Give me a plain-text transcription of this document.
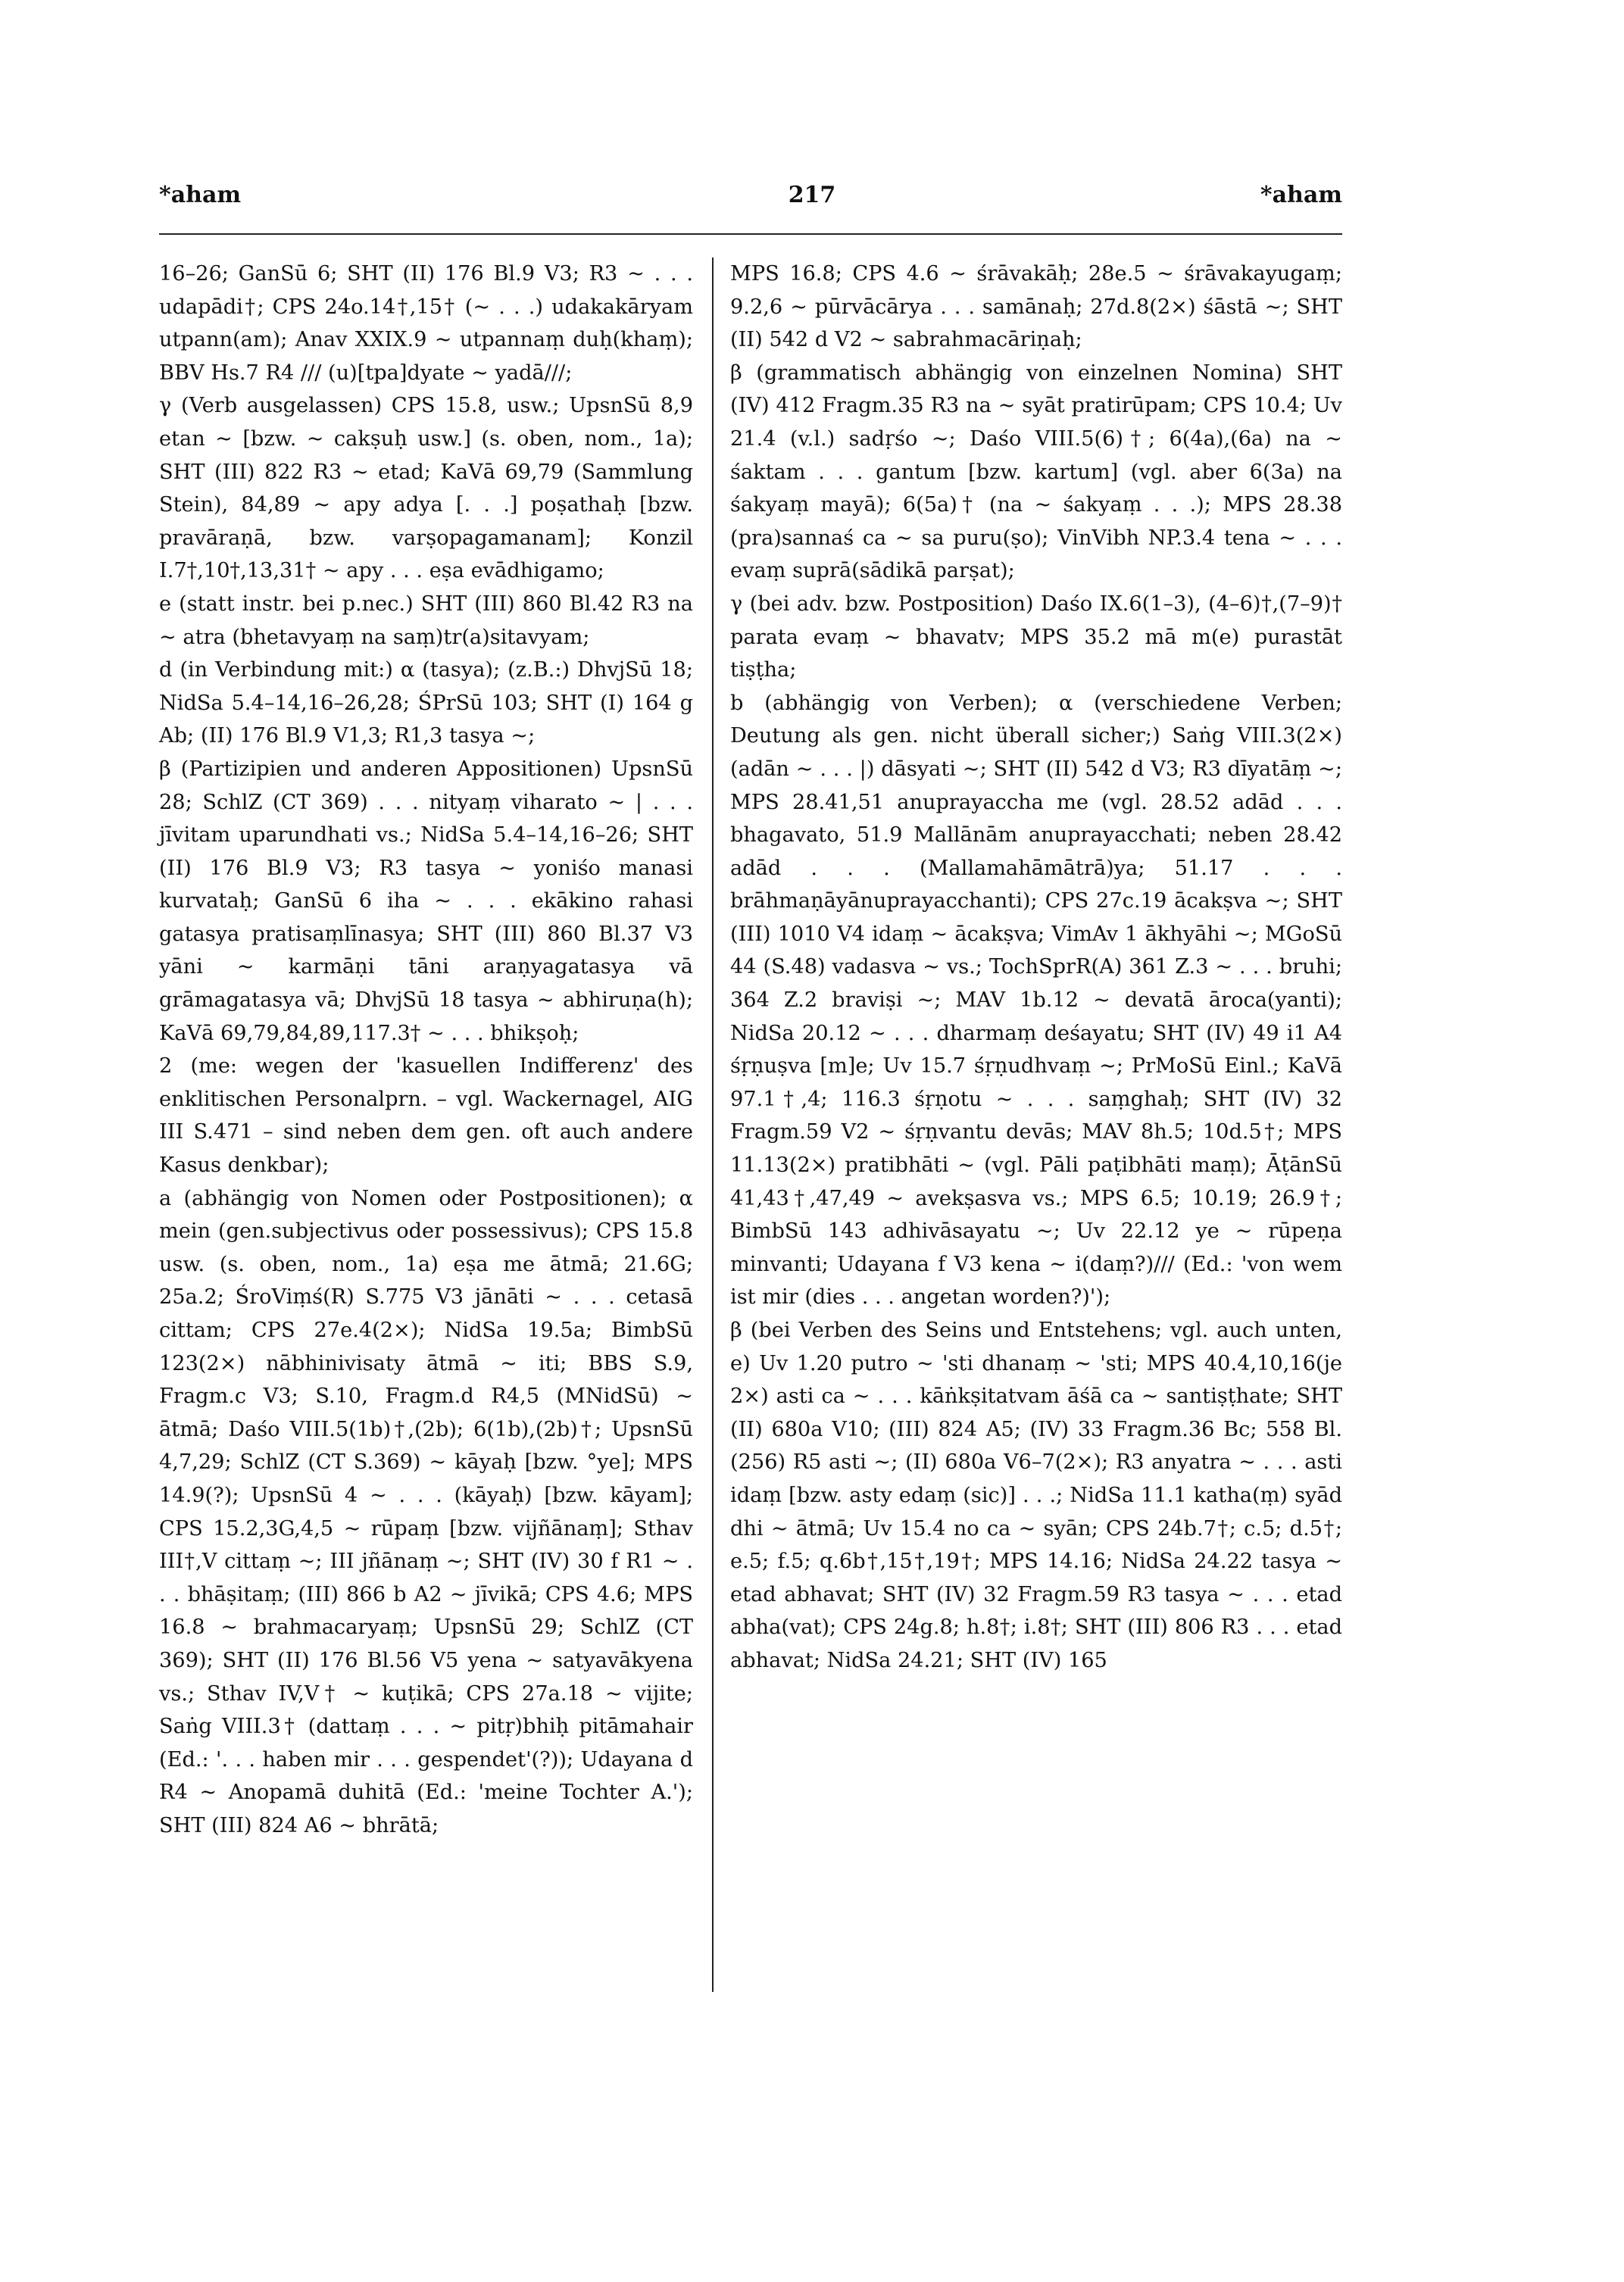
*aham	217	*aham

16–26; GanSū 6; SHT (II) 176 Bl.9 V3; R3 ∼ . . . udapādi†; CPS 24o.14†,15† (∼ . . .) udakakāryam utpann(am); Anav XXIX.9 ∼ utpannaṃ duḥ(khaṃ); BBV Hs.7 R4 /// (u)[tpa]dyate ∼ yadā///;

γ (Verb ausgelassen) CPS 15.8, usw.; UpsnSū 8,9 etan ∼ [bzw. ∼ cakṣuḥ usw.] (s. oben, nom., 1a); SHT (III) 822 R3 ∼ etad; KaVā 69,79 (Sammlung Stein), 84,89 ∼ apy adya [. . .] poṣathaḥ [bzw. pravāraṇā, bzw. varṣopagamanam]; Konzil I.7†,10†,13,31† ∼ apy . . . eṣa evādhigamo;

e (statt instr. bei p.nec.) SHT (III) 860 Bl.42 R3 na ∼ atra (bhetavyaṃ na saṃ)tr(a)sitavyam;

d (in Verbindung mit:) α (tasya); (z.B.:) DhvjSū 18; NidSa 5.4–14,16–26,28; ŚPrSū 103; SHT (I) 164 g Ab; (II) 176 Bl.9 V1,3; R1,3 tasya ∼;

β (Partizipien und anderen Appositionen) UpsnSū 28; SchlZ (CT 369) . . . nityaṃ viharato ∼ | . . . jīvitam uparundhati vs.; NidSa 5.4–14,16–26; SHT (II) 176 Bl.9 V3; R3 tasya ∼ yoniśo manasi kurvataḥ; GanSū 6 iha ∼ . . . ekākino rahasi gatasya pratisaṃlīnasya; SHT (III) 860 Bl.37 V3 yāni ∼ karmāṇi tāni araṇyagatasya vā grāmagatasya vā; DhvjSū 18 tasya ∼ abhiruṇa(h); KaVā 69,79,84,89,117.3† ∼ . . . bhikṣoḥ;

2 (me: wegen der 'kasuellen Indifferenz' des enklitischen Personalprn. – vgl. Wackernagel, AIG III S.471 – sind neben dem gen. oft auch andere Kasus denkbar);

a (abhängig von Nomen oder Postpositionen); α mein (gen.subjectivus oder possessivus); CPS 15.8 usw. (s. oben, nom., 1a) eṣa me ātmā; 21.6G; 25a.2; ŚroViṃś(R) S.775 V3 jānāti ∼ . . . cetasā cittam; CPS 27e.4(2×); NidSa 19.5a; BimbSū 123(2×) nābhinivisaty ātmā ∼ iti; BBS S.9, Fragm.c V3; S.10, Fragm.d R4,5 (MNidSū) ∼ ātmā; Daśo VIII.5(1b)†,(2b); 6(1b),(2b)†; UpsnSū 4,7,29; SchlZ (CT S.369) ∼ kāyaḥ [bzw. °ye]; MPS 14.9(?); UpsnSū 4 ∼ . . . (kāyaḥ) [bzw. kāyam]; CPS 15.2,3G,4,5 ∼ rūpaṃ [bzw. vijñānaṃ]; Sthav III†,V cittaṃ ∼; III jñānaṃ ∼; SHT (IV) 30 f R1 ∼ . . . bhāṣitaṃ; (III) 866 b A2 ∼ jīvikā; CPS 4.6; MPS 16.8 ∼ brahmacaryaṃ; UpsnSū 29; SchlZ (CT 369); SHT (II) 176 Bl.56 V5 yena ∼ satyavākyena vs.; Sthav IV,V† ∼ kuṭikā; CPS 27a.18 ∼ vijite; Saṅg VIII.3† (dattaṃ . . . ∼ pitṛ)bhiḥ pitāmahair (Ed.: '. . . haben mir . . . gespendet'(?)); Udayana d R4 ∼ Anopamā duhitā (Ed.: 'meine Tochter A.'); SHT (III) 824 A6 ∼ bhrātā;

MPS 16.8; CPS 4.6 ∼ śrāvakāḥ; 28e.5 ∼ śrāvakayugaṃ; 9.2,6 ∼ pūrvācārya . . . samānaḥ; 27d.8(2×) śāstā ∼; SHT (II) 542 d V2 ∼ sabrahmacāriṇaḥ;

β (grammatisch abhängig von einzelnen Nomina) SHT (IV) 412 Fragm.35 R3 na ∼ syāt pratirūpam; CPS 10.4; Uv 21.4 (v.l.) sadṛśo ∼; Daśo VIII.5(6)†; 6(4a),(6a) na ∼ śaktam . . . gantum [bzw. kartum] (vgl. aber 6(3a) na śakyaṃ mayā); 6(5a)† (na ∼ śakyaṃ . . .); MPS 28.38 (pra)sannaś ca ∼ sa puru(ṣo); VinVibh NP.3.4 tena ∼ . . . evaṃ suprā(sādikā parṣat);

γ (bei adv. bzw. Postposition) Daśo IX.6(1–3), (4–6)†,(7–9)† parata evaṃ ∼ bhavatv; MPS 35.2 mā m(e) purastāt tiṣṭha;

b (abhängig von Verben); α (verschiedene Verben; Deutung als gen. nicht überall sicher;) Saṅg VIII.3(2×) (adān ∼ . . . |) dāsyati ∼; SHT (II) 542 d V3; R3 dīyatāṃ ∼; MPS 28.41,51 anuprayaccha me (vgl. 28.52 adād . . . bhagavato, 51.9 Mallānām anuprayacchati; neben 28.42 adād . . . (Mallamahāmātrā)ya; 51.17 . . . brāhmaṇāyānuprayacchanti); CPS 27c.19 ācakṣva ∼; SHT (III) 1010 V4 idaṃ ∼ ācakṣva; VimAv 1 ākhyāhi ∼; MGoSū 44 (S.48) vadasva ∼ vs.; TochSprR(A) 361 Z.3 ∼ . . . bruhi; 364 Z.2 braviṣi ∼; MAV 1b.12 ∼ devatā āroca(yanti); NidSa 20.12 ∼ . . . dharmaṃ deśayatu; SHT (IV) 49 i1 A4 śṛṇuṣva [m]e; Uv 15.7 śṛṇudhvaṃ ∼; PrMoSū Einl.; KaVā 97.1†,4; 116.3 śṛṇotu ∼ . . . saṃghaḥ; SHT (IV) 32 Fragm.59 V2 ∼ śṛṇvantu devās; MAV 8h.5; 10d.5†; MPS 11.13(2×) pratibhāti ∼ (vgl. Pāli paṭibhāti maṃ); ĀṭānSū 41,43†,47,49 ∼ avekṣasva vs.; MPS 6.5; 10.19; 26.9†; BimbSū 143 adhivāsayatu ∼; Uv 22.12 ye ∼ rūpeṇa minvanti; Udayana f V3 kena ∼ i(daṃ?)/// (Ed.: 'von wem ist mir (dies . . . angetan worden?)');

β (bei Verben des Seins und Entstehens; vgl. auch unten, e) Uv 1.20 putro ∼ 'sti dhanaṃ ∼ 'sti; MPS 40.4,10,16(je 2×) asti ca ∼ . . . kāṅkṣitatvam āśā ca ∼ santiṣṭhate; SHT (II) 680a V10; (III) 824 A5; (IV) 33 Fragm.36 Bc; 558 Bl.(256) R5 asti ∼; (II) 680a V6–7(2×); R3 anyatra ∼ . . . asti idaṃ [bzw. asty edaṃ (sic)] . . .; NidSa 11.1 katha(ṃ) syād dhi ∼ ātmā; Uv 15.4 no ca ∼ syān; CPS 24b.7†; c.5; d.5†; e.5; f.5; q.6b†,15†,19†; MPS 14.16; NidSa 24.22 tasya ∼ etad abhavat; SHT (IV) 32 Fragm.59 R3 tasya ∼ . . . etad abha(vat); CPS 24g.8; h.8†; i.8†; SHT (III) 806 R3 . . . etad abhavat; NidSa 24.21; SHT (IV) 165
